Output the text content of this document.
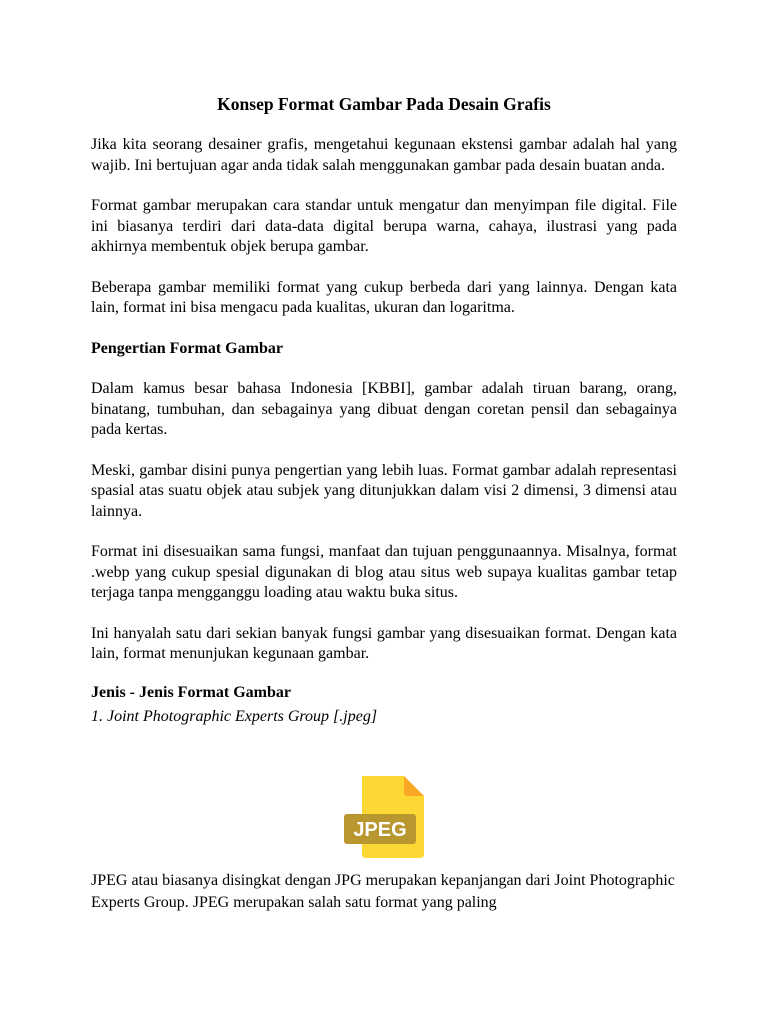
Konsep Format Gambar Pada Desain Grafis
Jika kita seorang desainer grafis, mengetahui kegunaan ekstensi gambar adalah hal yang wajib. Ini bertujuan agar anda tidak salah menggunakan gambar pada desain buatan anda.
Format gambar merupakan cara standar untuk mengatur dan menyimpan file digital. File ini biasanya terdiri dari data-data digital berupa warna, cahaya, ilustrasi yang pada akhirnya membentuk objek berupa gambar.
Beberapa gambar memiliki format yang cukup berbeda dari yang lainnya. Dengan kata lain, format ini bisa mengacu pada kualitas, ukuran dan logaritma.
Pengertian Format Gambar
Dalam kamus besar bahasa Indonesia [KBBI], gambar adalah tiruan barang, orang, binatang, tumbuhan, dan sebagainya yang dibuat dengan coretan pensil dan sebagainya pada kertas.
Meski, gambar disini punya pengertian yang lebih luas. Format gambar adalah representasi spasial atas suatu objek atau subjek yang ditunjukkan dalam visi 2 dimensi, 3 dimensi atau lainnya.
Format ini disesuaikan sama fungsi, manfaat dan tujuan penggunaannya. Misalnya, format .webp yang cukup spesial digunakan di blog atau situs web supaya kualitas gambar tetap terjaga tanpa mengganggu loading atau waktu buka situs.
Ini hanyalah satu dari sekian banyak fungsi gambar yang disesuaikan format. Dengan kata lain, format menunjukan kegunaan gambar.
Jenis - Jenis Format Gambar
1. Joint Photographic Experts Group [.jpeg]
JPEG
JPEG atau biasanya disingkat dengan JPG merupakan kepanjangan dari Joint Photographic Experts Group. JPEG merupakan salah satu format yang paling
